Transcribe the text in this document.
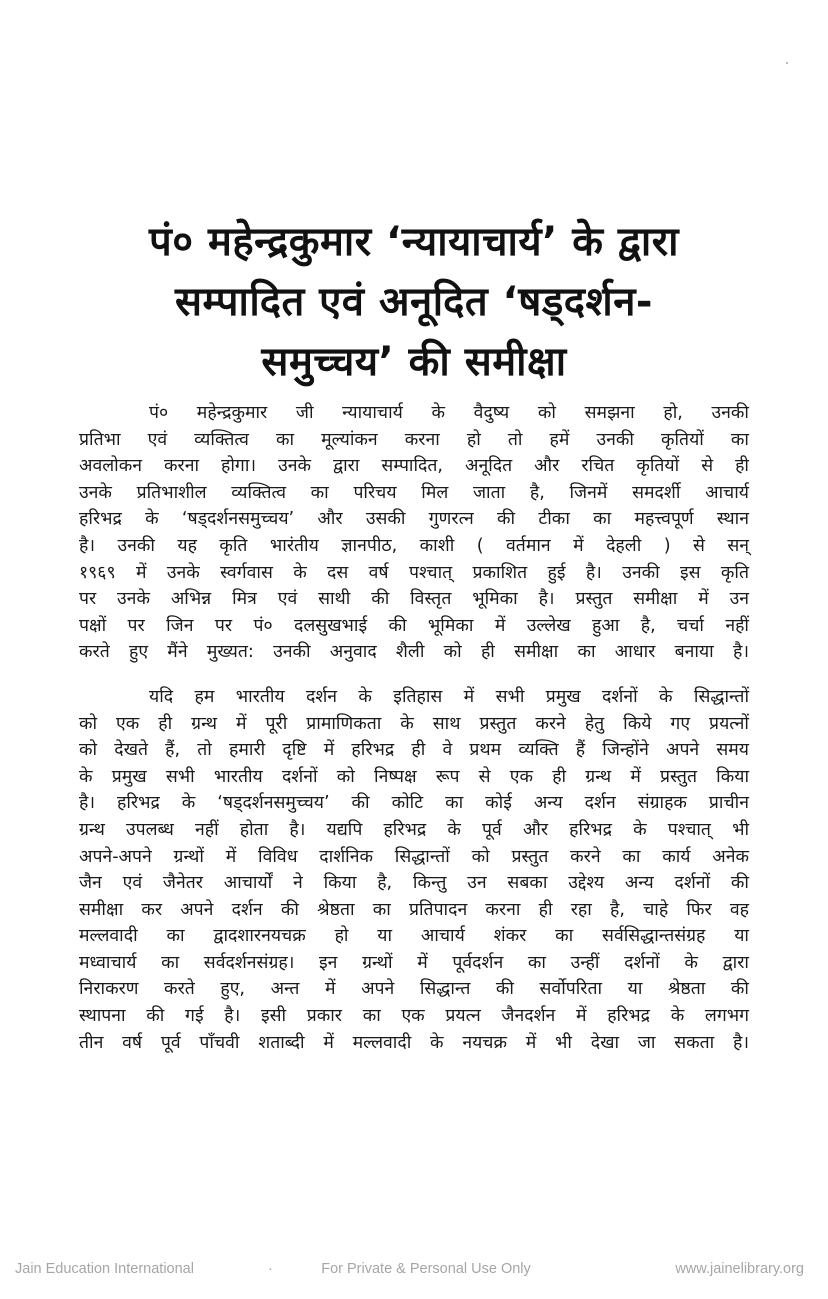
पं० महेन्द्रकुमार ‘न्यायाचार्य’ के द्वारा
सम्पादित एवं अनूदित ‘षड्दर्शन-
समुच्चय’ की समीक्षा

पं० महेन्द्रकुमार जी न्यायाचार्य के वैदुष्य को समझना हो, उनकी
प्रतिभा एवं व्यक्तित्व का मूल्यांकन करना हो तो हमें उनकी कृतियों का
अवलोकन करना होगा। उनके द्वारा सम्पादित, अनूदित और रचित कृतियों से ही
उनके प्रतिभाशील व्यक्तित्व का परिचय मिल जाता है, जिनमें समदर्शी आचार्य
हरिभद्र के ‘षड्दर्शनसमुच्चय’ और उसकी गुणरत्न की टीका का महत्त्वपूर्ण स्थान
है। उनकी यह कृति भारंतीय ज्ञानपीठ, काशी ( वर्तमान में देहली ) से सन्
१९६९ में उनके स्वर्गवास के दस वर्ष पश्चात् प्रकाशित हुई है। उनकी इस कृति
पर उनके अभिन्न मित्र एवं साथी की विस्तृत भूमिका है। प्रस्तुत समीक्षा में उन
पक्षों पर जिन पर पं० दलसुखभाई की भूमिका में उल्लेख हुआ है, चर्चा नहीं
करते हुए मैंने मुख्यत: उनकी अनुवाद शैली को ही समीक्षा का आधार बनाया है।

यदि हम भारतीय दर्शन के इतिहास में सभी प्रमुख दर्शनों के सिद्धान्तों
को एक ही ग्रन्थ में पूरी प्रामाणिकता के साथ प्रस्तुत करने हेतु किये गए प्रयत्नों
को देखते हैं, तो हमारी दृष्टि में हरिभद्र ही वे प्रथम व्यक्ति हैं जिन्होंने अपने समय
के प्रमुख सभी भारतीय दर्शनों को निष्पक्ष रूप से एक ही ग्रन्थ में प्रस्तुत किया
है। हरिभद्र के ‘षड्दर्शनसमुच्चय’ की कोटि का कोई अन्य दर्शन संग्राहक प्राचीन
ग्रन्थ उपलब्ध नहीं होता है। यद्यपि हरिभद्र के पूर्व और हरिभद्र के पश्चात् भी
अपने-अपने ग्रन्थों में विविध दार्शनिक सिद्धान्तों को प्रस्तुत करने का कार्य अनेक
जैन एवं जैनेतर आचार्यों ने किया है, किन्तु उन सबका उद्देश्य अन्य दर्शनों की
समीक्षा कर अपने दर्शन की श्रेष्ठता का प्रतिपादन करना ही रहा है, चाहे फिर वह
मल्लवादी का द्वादशारनयचक्र हो या आचार्य शंकर का सर्वसिद्धान्तसंग्रह या
मध्वाचार्य का सर्वदर्शनसंग्रह। इन ग्रन्थों में पूर्वदर्शन का उन्हीं दर्शनों के द्वारा
निराकरण करते हुए, अन्त में अपने सिद्धान्त की सर्वोपरिता या श्रेष्ठता की
स्थापना की गई है। इसी प्रकार का एक प्रयत्न जैनदर्शन में हरिभद्र के लगभग
तीन वर्ष पूर्व पाँचवी शताब्दी में मल्लवादी के नयचक्र में भी देखा जा सकता है।

Jain Education International	·	For Private & Personal Use Only	www.jainelibrary.org
